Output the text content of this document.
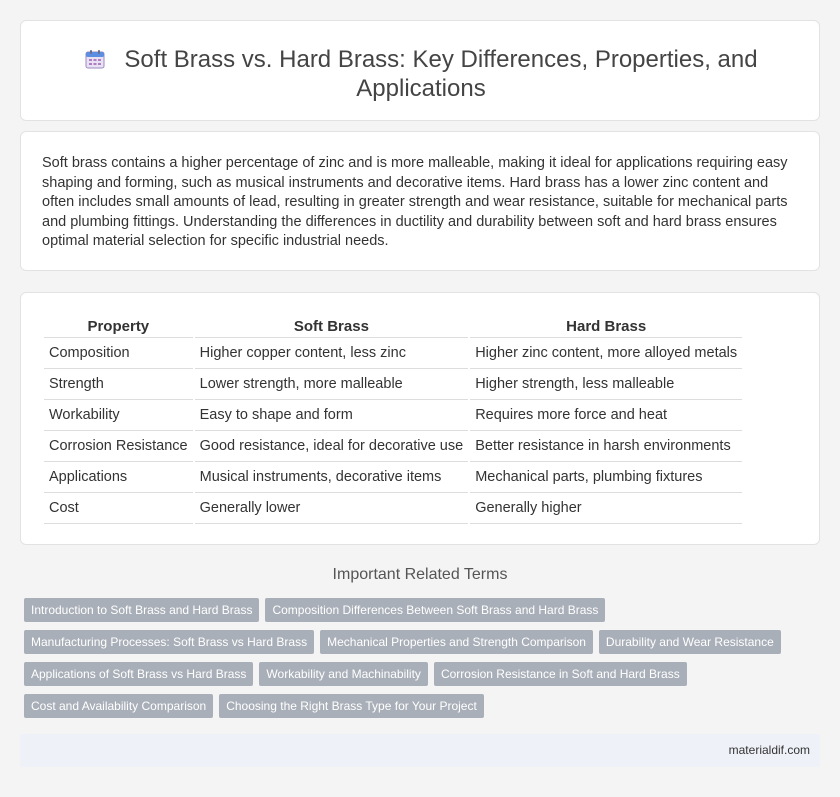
Soft Brass vs. Hard Brass: Key Differences, Properties, and Applications

Soft brass contains a higher percentage of zinc and is more malleable, making it ideal for applications requiring easy shaping and forming, such as musical instruments and decorative items. Hard brass has a lower zinc content and often includes small amounts of lead, resulting in greater strength and wear resistance, suitable for mechanical parts and plumbing fittings. Understanding the differences in ductility and durability between soft and hard brass ensures optimal material selection for specific industrial needs.

Property	Soft Brass	Hard Brass
Composition	Higher copper content, less zinc	Higher zinc content, more alloyed metals
Strength	Lower strength, more malleable	Higher strength, less malleable
Workability	Easy to shape and form	Requires more force and heat
Corrosion Resistance	Good resistance, ideal for decorative use	Better resistance in harsh environments
Applications	Musical instruments, decorative items	Mechanical parts, plumbing fixtures
Cost	Generally lower	Generally higher
Important Related Terms
Introduction to Soft Brass and Hard Brass	Composition Differences Between Soft Brass and Hard Brass
Manufacturing Processes: Soft Brass vs Hard Brass	Mechanical Properties and Strength Comparison	Durability and Wear Resistance
Applications of Soft Brass vs Hard Brass	Workability and Machinability	Corrosion Resistance in Soft and Hard Brass
Cost and Availability Comparison	Choosing the Right Brass Type for Your Project
materialdif.com
